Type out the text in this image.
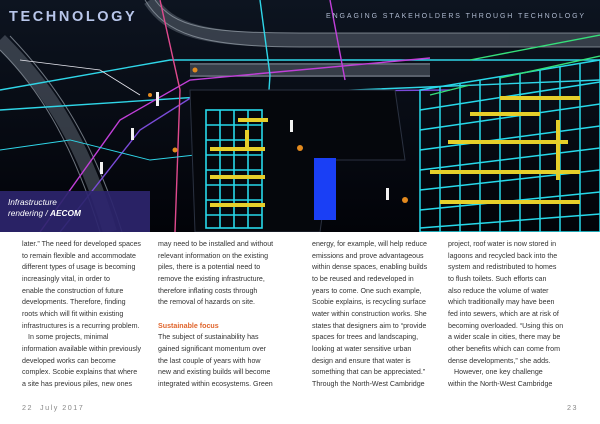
TECHNOLOGY	ENGAGING STAKEHOLDERS THROUGH TECHNOLOGY
Infrastructure
rendering / AECOM
later.” The need for developed spaces
to remain flexible and accommodate
different types of usage is becoming
increasingly vital, in order to
enable the construction of future
developments. Therefore, finding
roots which will fit within existing
infrastructures is a recurring problem.
In some projects, minimal
information available within previously
developed works can become
complex. Scobie explains that where
a site has previous piles, new ones
may need to be installed and without
relevant information on the existing
piles, there is a potential need to
remove the existing infrastructure,
therefore inflating costs through
the removal of hazards on site.

Sustainable focus
The subject of sustainability has
gained significant momentum over
the last couple of years with how
new and existing builds will become
integrated within ecosystems. Green
energy, for example, will help reduce
emissions and prove advantageous
within dense spaces, enabling builds
to be reused and redeveloped in
years to come. One such example,
Scobie explains, is recycling surface
water within construction works. She
states that designers aim to “provide
spaces for trees and landscaping,
looking at water sensitive urban
design and ensure that water is
something that can be appreciated.”
Through the North-West Cambridge
project, roof water is now stored in
lagoons and recycled back into the
system and redistributed to homes
to flush toilets. Such efforts can
also reduce the volume of water
which traditionally may have been
fed into sewers, which are at risk of
becoming overloaded. “Using this on
a wider scale in cities, there may be
other benefits which can come from
dense developments,” she adds.
However, one key challenge
within the North-West Cambridge
22 July 2017	23
